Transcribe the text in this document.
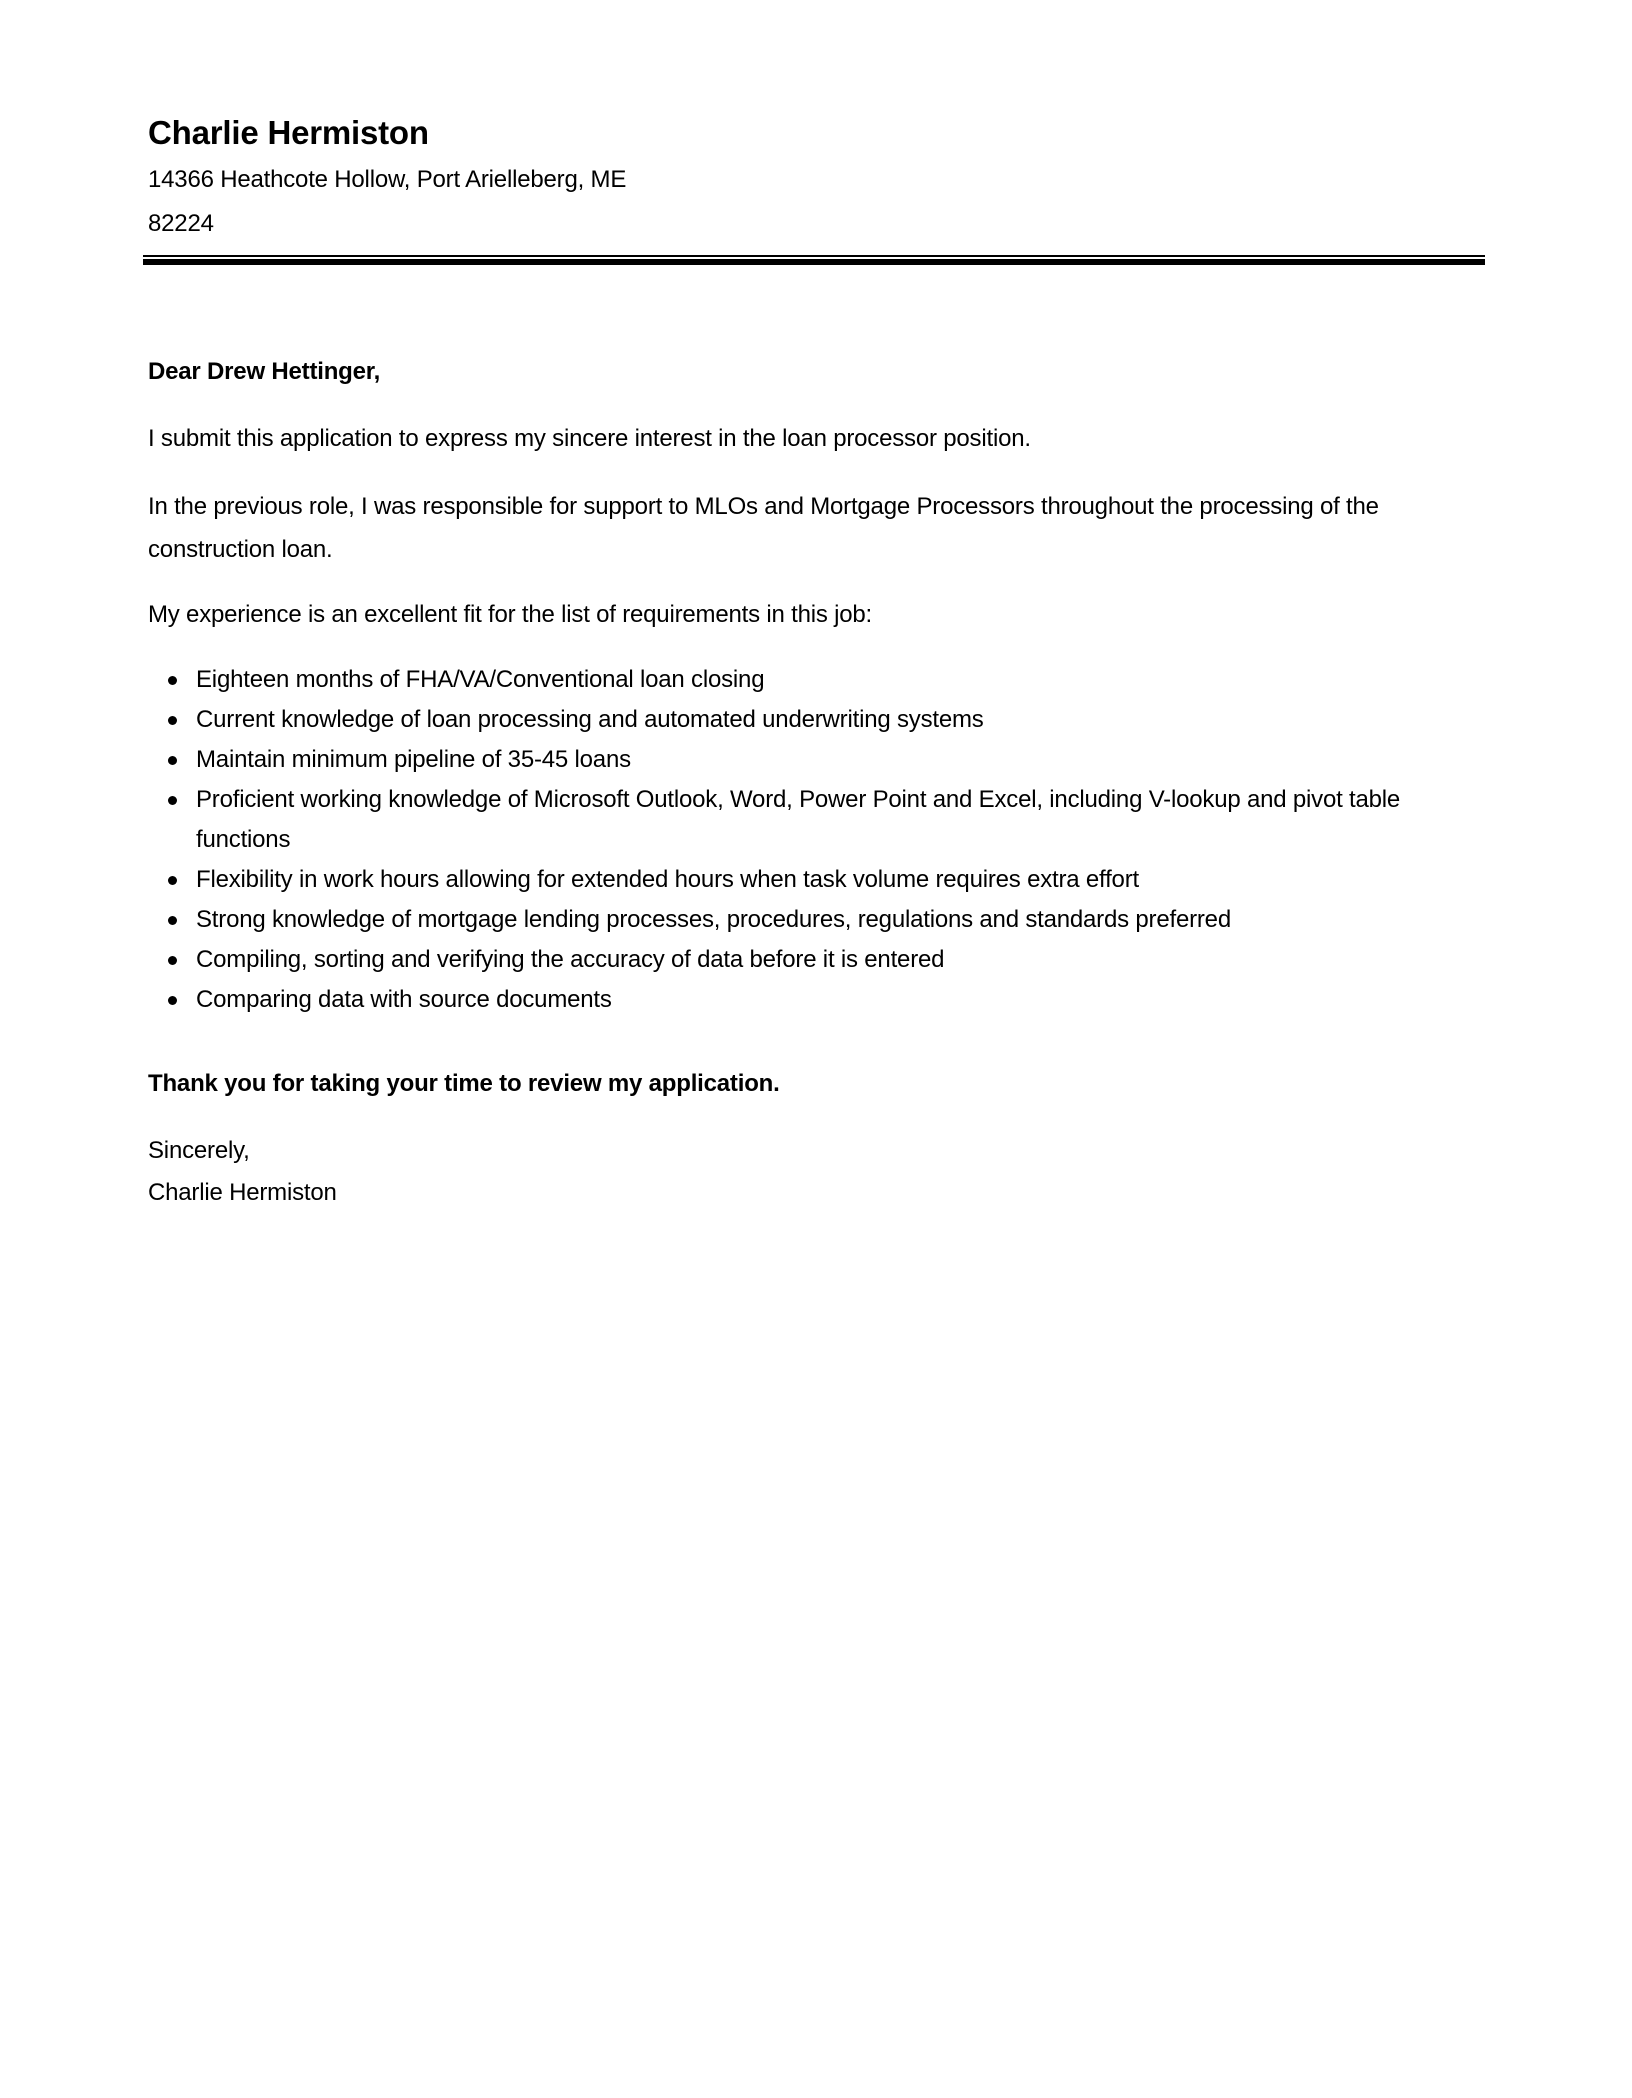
Charlie Hermiston
14366 Heathcote Hollow, Port Arielleberg, ME
82224
Dear Drew Hettinger,
I submit this application to express my sincere interest in the loan processor position.
In the previous role, I was responsible for support to MLOs and Mortgage Processors throughout the processing of the construction loan.
My experience is an excellent fit for the list of requirements in this job:
Eighteen months of FHA/VA/Conventional loan closing
Current knowledge of loan processing and automated underwriting systems
Maintain minimum pipeline of 35-45 loans
Proficient working knowledge of Microsoft Outlook, Word, Power Point and Excel, including V-lookup and pivot table functions
Flexibility in work hours allowing for extended hours when task volume requires extra effort
Strong knowledge of mortgage lending processes, procedures, regulations and standards preferred
Compiling, sorting and verifying the accuracy of data before it is entered
Comparing data with source documents
Thank you for taking your time to review my application.
Sincerely,
Charlie Hermiston
